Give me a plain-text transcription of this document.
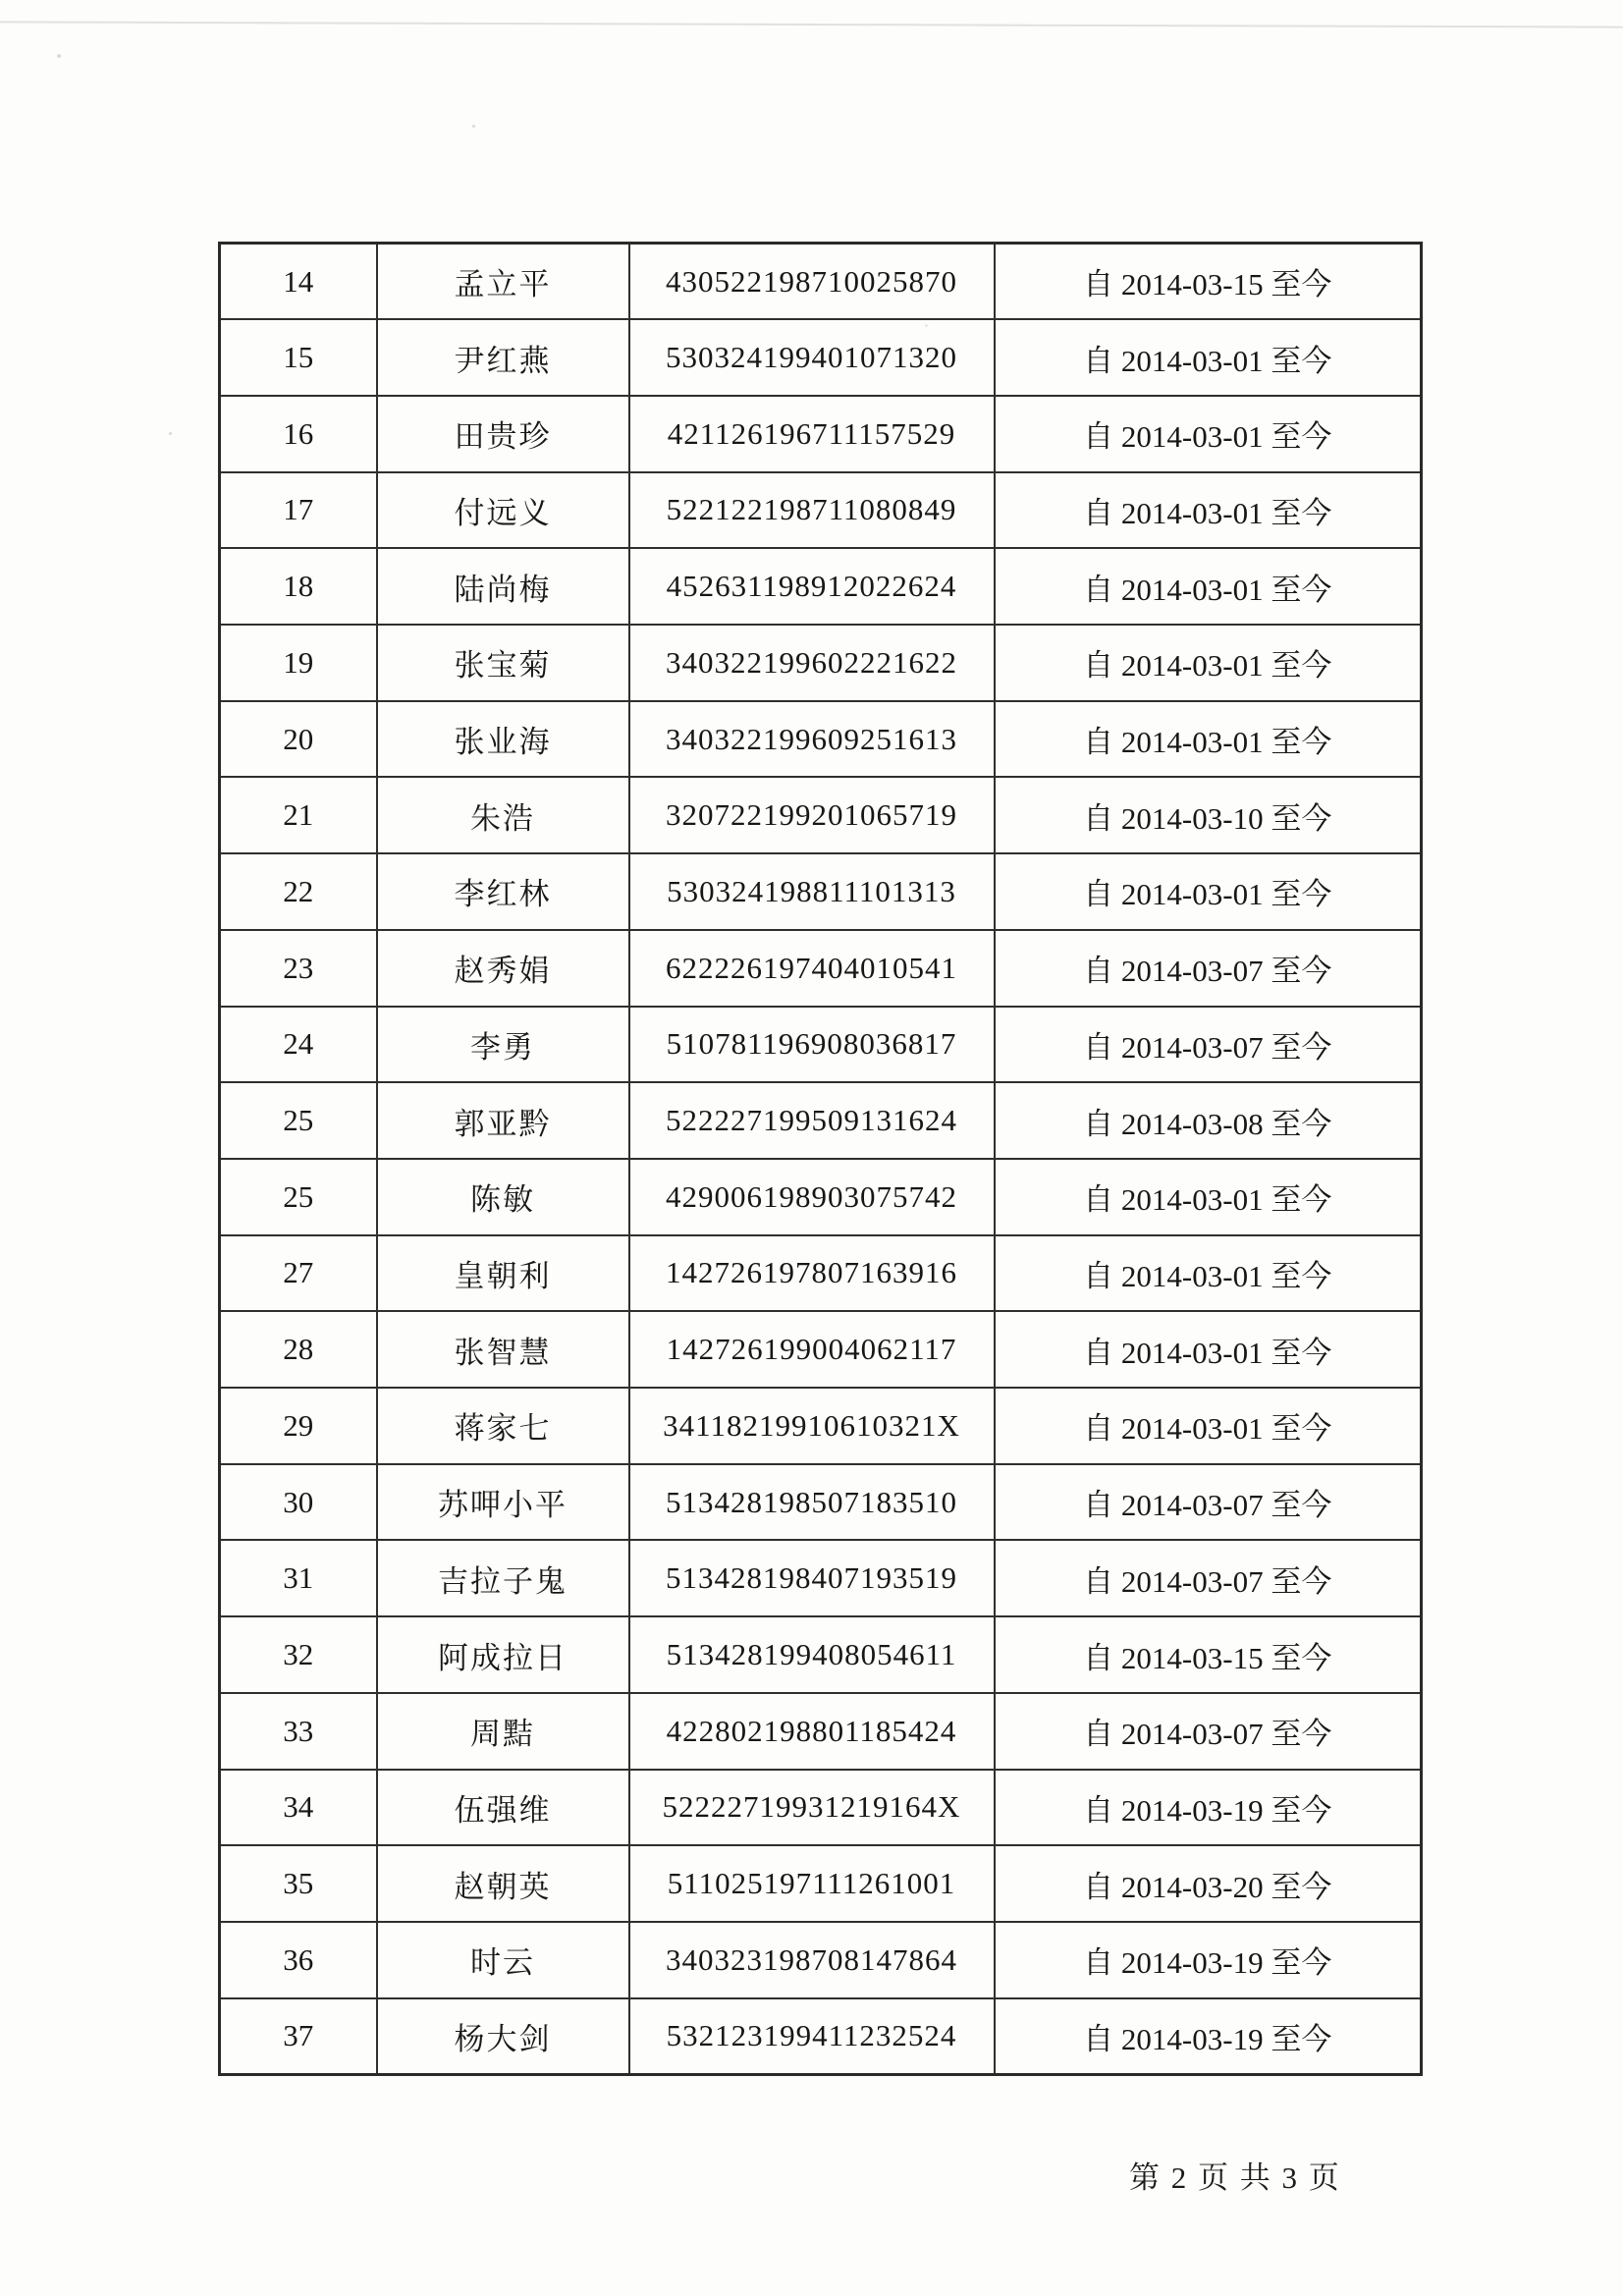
14	孟立平	430522198710025870	自 2014-03-15 至今
15	尹红燕	530324199401071320	自 2014-03-01 至今
16	田贵珍	421126196711157529	自 2014-03-01 至今
17	付远义	522122198711080849	自 2014-03-01 至今
18	陆尚梅	452631198912022624	自 2014-03-01 至今
19	张宝菊	340322199602221622	自 2014-03-01 至今
20	张业海	340322199609251613	自 2014-03-01 至今
21	朱浩	320722199201065719	自 2014-03-10 至今
22	李红林	530324198811101313	自 2014-03-01 至今
23	赵秀娟	622226197404010541	自 2014-03-07 至今
24	李勇	510781196908036817	自 2014-03-07 至今
25	郭亚黔	522227199509131624	自 2014-03-08 至今
25	陈敏	429006198903075742	自 2014-03-01 至今
27	皇朝利	142726197807163916	自 2014-03-01 至今
28	张智慧	142726199004062117	自 2014-03-01 至今
29	蒋家七	34118219910610321X	自 2014-03-01 至今
30	苏呷小平	513428198507183510	自 2014-03-07 至今
31	吉拉子鬼	513428198407193519	自 2014-03-07 至今
32	阿成拉日	513428199408054611	自 2014-03-15 至今
33	周黠	422802198801185424	自 2014-03-07 至今
34	伍强维	52222719931219164X	自 2014-03-19 至今
35	赵朝英	511025197111261001	自 2014-03-20 至今
36	时云	340323198708147864	自 2014-03-19 至今
37	杨大剑	532123199411232524	自 2014-03-19 至今
第 2 页 共 3 页
